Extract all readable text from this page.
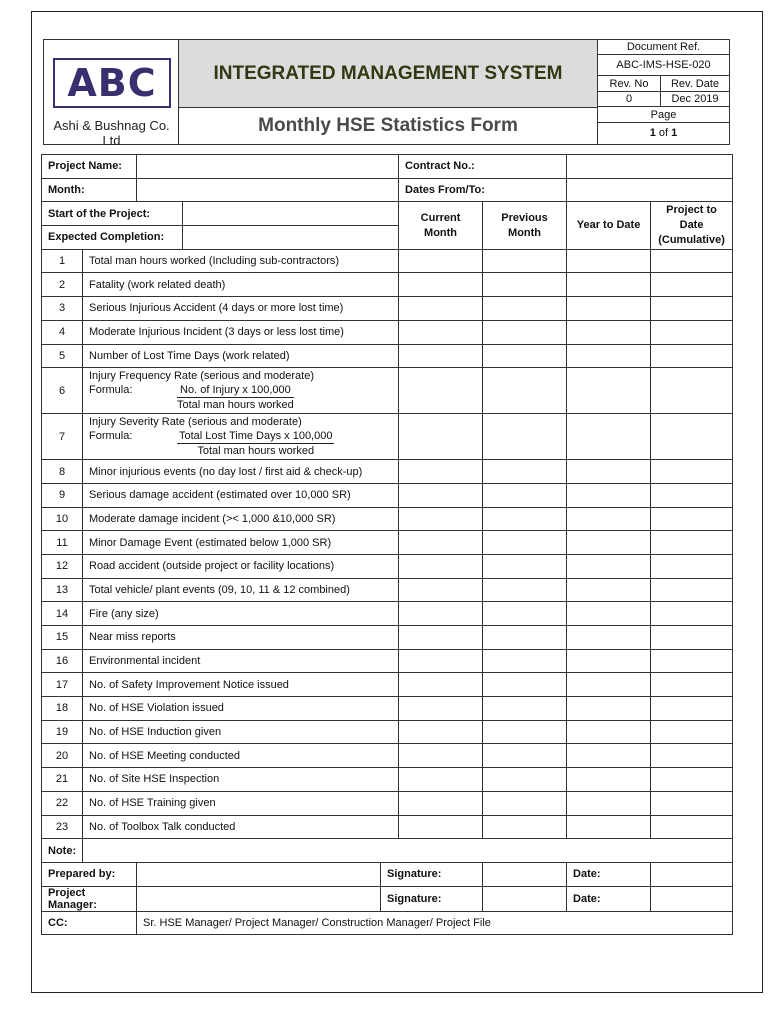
ABC
Ashi & Bushnag Co. Ltd
INTEGRATED MANAGEMENT SYSTEM
Monthly HSE Statistics Form
Document Ref.
ABC-IMS-HSE-020
Rev. No	Rev. Date
0	Dec 2019
Page
1 of 1
Project Name:					Contract No.:			
Month:					Dates From/To:			
Start of the Project:					Current Month	Previous Month	Year to Date	Project to Date (Cumulative)
Expected Completion:								
1	Total man hours worked (Including sub-contractors)							
2	Fatality (work related death)							
3	Serious Injurious Accident (4 days or more lost time)							
4	Moderate Injurious Incident (3 days or less lost time)							
5	Number of Lost Time Days (work related)							
6	Injury Frequency Rate (serious and moderate)
Formula: $\frac{\text{No. of Injury x 100,000}}{\text{Total man hours worked}}$

7	Injury Severity Rate (serious and moderate)
Formula: $\frac{\text{Total Lost Time Days x 100,000}}{\text{Total man hours worked}}$

8	Minor injurious events (no day lost / first aid & check-up)							
9	Serious damage accident (estimated over 10,000 SR)							
10	Moderate damage incident (>< 1,000 &10,000 SR)							
11	Minor Damage Event (estimated below 1,000 SR)							
12	Road accident (outside project or facility locations)							
13	Total vehicle/ plant events (09, 10, 11 & 12 combined)							
14	Fire (any size)							
15	Near miss reports							
16	Environmental incident							
17	No. of Safety Improvement Notice issued							
18	No. of HSE Violation issued							
19	No. of HSE Induction given							
20	No. of HSE Meeting conducted							
21	No. of Site HSE Inspection							
22	No. of HSE Training given							
23	No. of Toolbox Talk conducted							
Note:								
Prepared by:				Signature:			Date:	
Project Manager:				Signature:			Date:	
CC:		Sr. HSE Manager/ Project Manager/ Construction Manager/ Project File						
